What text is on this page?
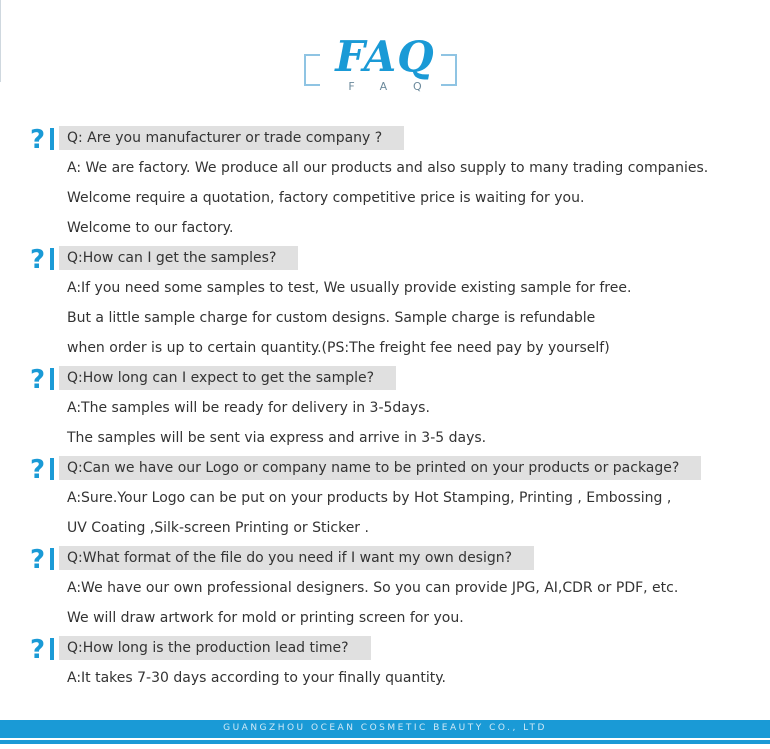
FAQ
FAQ
?	Q: Are you manufacturer or trade company ?
A: We are factory. We produce all our products and also supply to many trading companies.
Welcome require a quotation, factory competitive price is waiting for you.
Welcome to our factory.
?	Q:How can I get the samples?
A:If you need some samples to test, We usually provide existing sample for free.
But a little sample charge for custom designs. Sample charge is refundable
when order is up to certain quantity.(PS:The freight fee need pay by yourself)
?	Q:How long can I expect to get the sample?
A:The samples will be ready for delivery in 3-5days.
The samples will be sent via express and arrive in 3-5 days.
?	Q:Can we have our Logo or company name to be printed on your products or package?
A:Sure.Your Logo can be put on your products by Hot Stamping, Printing , Embossing ,
UV Coating ,Silk-screen Printing or Sticker .
?	Q:What format of the file do you need if I want my own design?
A:We have our own professional designers. So you can provide JPG, AI,CDR or PDF, etc.
We will draw artwork for mold or printing screen for you.
?	Q:How long is the production lead time?
A:It takes 7-30 days according to your finally quantity.
GUANGZHOU OCEAN COSMETIC BEAUTY CO., LTD
